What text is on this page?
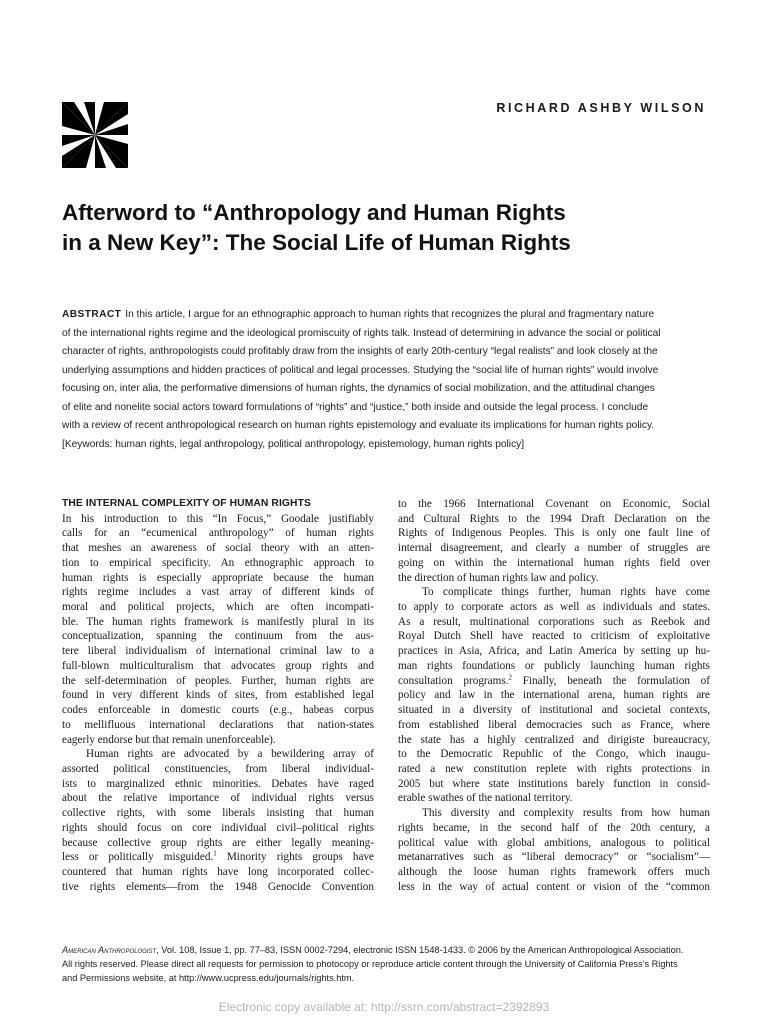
RICHARD ASHBY WILSON
Afterword to “Anthropology and Human Rights
in a New Key”: The Social Life of Human Rights
ABSTRACT In this article, I argue for an ethnographic approach to human rights that recognizes the plural and fragmentary nature
of the international rights regime and the ideological promiscuity of rights talk. Instead of determining in advance the social or political
character of rights, anthropologists could profitably draw from the insights of early 20th-century “legal realists” and look closely at the
underlying assumptions and hidden practices of political and legal processes. Studying the “social life of human rights” would involve
focusing on, inter alia, the performative dimensions of human rights, the dynamics of social mobilization, and the attitudinal changes
of elite and nonelite social actors toward formulations of “rights” and “justice,” both inside and outside the legal process. I conclude
with a review of recent anthropological research on human rights epistemology and evaluate its implications for human rights policy.
[Keywords: human rights, legal anthropology, political anthropology, epistemology, human rights policy]
THE INTERNAL COMPLEXITY OF HUMAN RIGHTS
In his introduction to this “In Focus,” Goodale justifiably
calls for an “ecumenical anthropology” of human rights
that meshes an awareness of social theory with an atten-
tion to empirical specificity. An ethnographic approach to
human rights is especially appropriate because the human
rights regime includes a vast array of different kinds of
moral and political projects, which are often incompati-
ble. The human rights framework is manifestly plural in its
conceptualization, spanning the continuum from the aus-
tere liberal individualism of international criminal law to a
full-blown multiculturalism that advocates group rights and
the self-determination of peoples. Further, human rights are
found in very different kinds of sites, from established legal
codes enforceable in domestic courts (e.g., habeas corpus
to mellifluous international declarations that nation-states
eagerly endorse but that remain unenforceable).
Human rights are advocated by a bewildering array of
assorted political constituencies, from liberal individual-
ists to marginalized ethnic minorities. Debates have raged
about the relative importance of individual rights versus
collective rights, with some liberals insisting that human
rights should focus on core individual civil–political rights
because collective group rights are either legally meaning-
less or politically misguided.$^1$ Minority rights groups have
countered that human rights have long incorporated collec-
tive rights elements—from the 1948 Genocide Convention
to the 1966 International Covenant on Economic, Social
and Cultural Rights to the 1994 Draft Declaration on the
Rights of Indigenous Peoples. This is only one fault line of
internal disagreement, and clearly a number of struggles are
going on within the international human rights field over
the direction of human rights law and policy.
To complicate things further, human rights have come
to apply to corporate actors as well as individuals and states.
As a result, multinational corporations such as Reebok and
Royal Dutch Shell have reacted to criticism of exploitative
practices in Asia, Africa, and Latin America by setting up hu-
man rights foundations or publicly launching human rights
consultation programs.$^2$ Finally, beneath the formulation of
policy and law in the international arena, human rights are
situated in a diversity of institutional and societal contexts,
from established liberal democracies such as France, where
the state has a highly centralized and dirigiste bureaucracy,
to the Democratic Republic of the Congo, which inaugu-
rated a new constitution replete with rights protections in
2005 but where state institutions barely function in consid-
erable swathes of the national territory.
This diversity and complexity results from how human
rights became, in the second half of the 20th century, a
political value with global ambitions, analogous to political
metanarratives such as “liberal democracy” or “socialism”—
although the loose human rights framework offers much
less in the way of actual content or vision of the “common
American Anthropologist, Vol. 108, Issue 1, pp. 77–83, ISSN 0002-7294, electronic ISSN 1548-1433. © 2006 by the American Anthropological Association.
All rights reserved. Please direct all requests for permission to photocopy or reproduce article content through the University of California Press’s Rights
and Permissions website, at http://www.ucpress.edu/journals/rights.htm.
Electronic copy available at: http://ssrn.com/abstract=2392893
